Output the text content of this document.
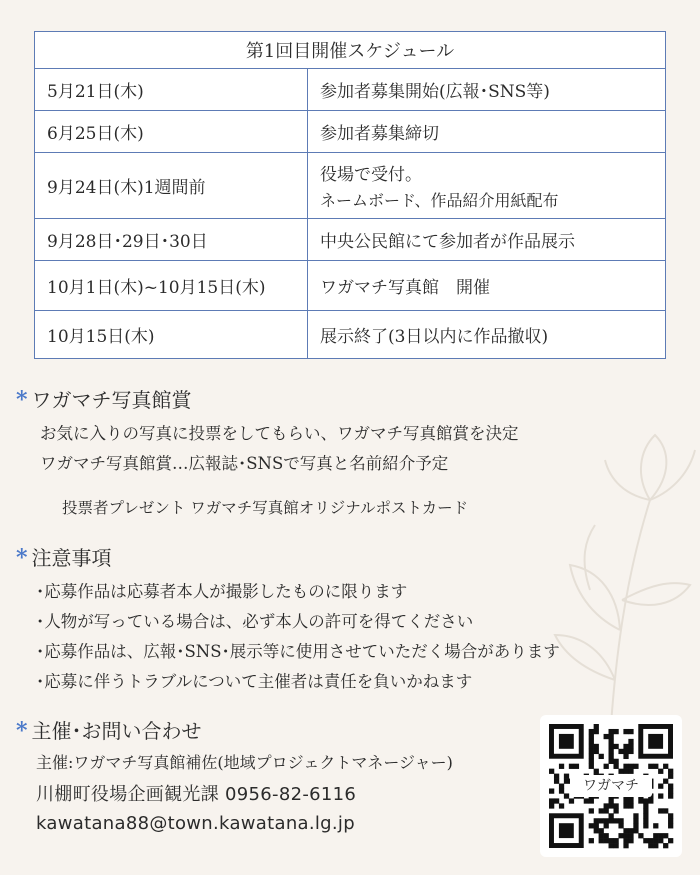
第1回目開催スケジュール	
5月21日(木)	参加者募集開始(広報･SNS等)
6月25日(木)	参加者募集締切
9月24日(木)1週間前	役場で受付。
ネームボード、作品紹介用紙配布

9月28日･29日･30日	中央公民館にて参加者が作品展示
10月1日(木)~10月15日(木)	ワガマチ写真館　開催
10月15日(木)	展示終了(3日以内に作品撤収)
* ワガマチ写真館賞
お気に入りの写真に投票をしてもらい、ワガマチ写真館賞を決定
ワガマチ写真館賞…広報誌･SNSで写真と名前紹介予定
投票者プレゼント ワガマチ写真館オリジナルポストカード
* 注意事項
･応募作品は応募者本人が撮影したものに限ります
･人物が写っている場合は、必ず本人の許可を得てください
･応募作品は、広報･SNS･展示等に使用させていただく場合があります
･応募に伴うトラブルについて主催者は責任を負いかねます
* 主催･お問い合わせ
主催:ワガマチ写真館補佐(地域プロジェクトマネージャー)
川棚町役場企画観光課 0956-82-6116
kawatana88@town.kawatana.lg.jp
ワガマチ
